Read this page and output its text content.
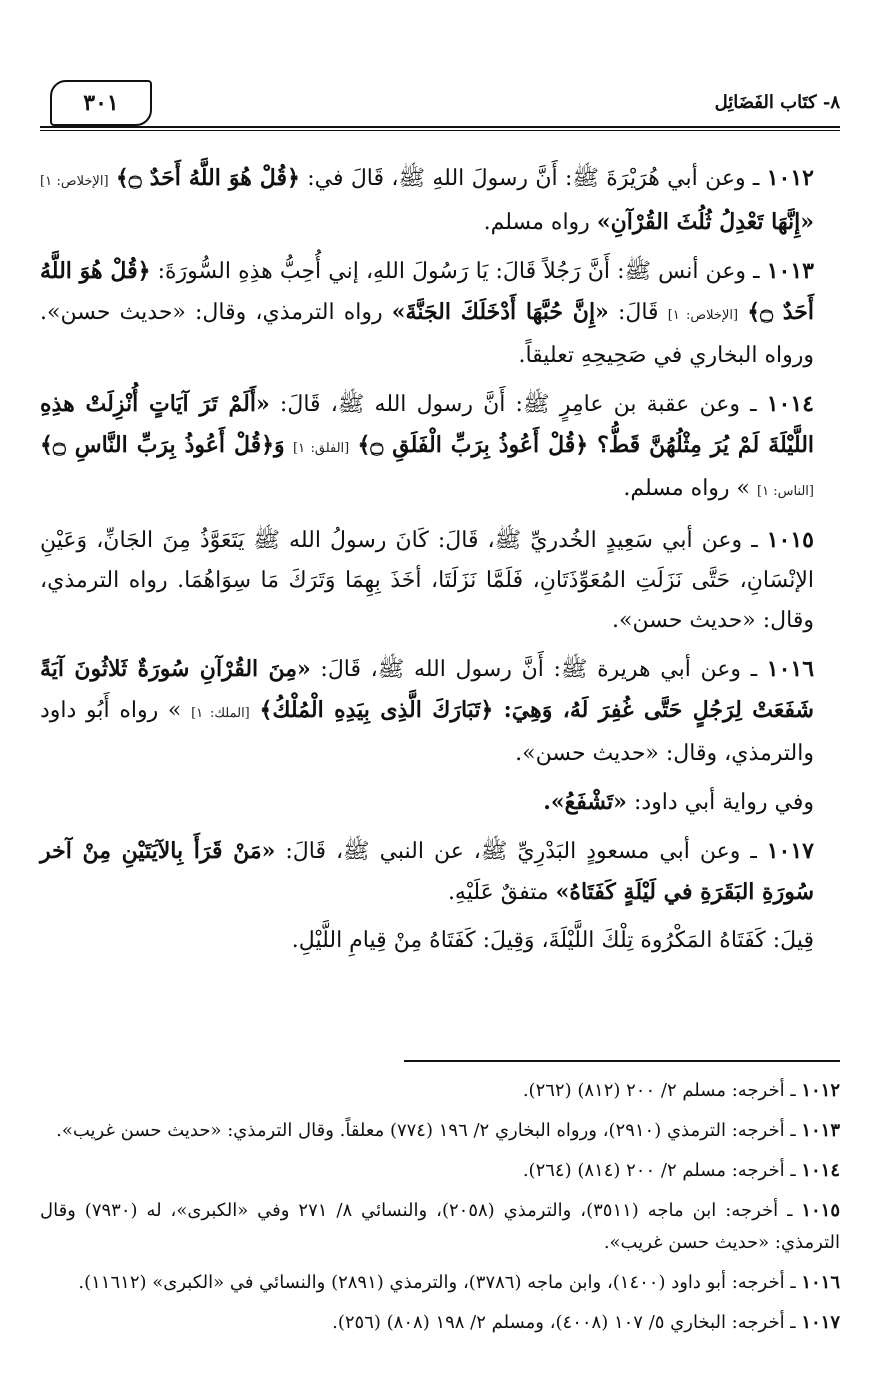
٨- كتَاب الفَضَائِل
٣٠١

١٠١٢ ـ وعن أبي هُرَيْرَةَ ﷺ: أَنَّ رسولَ اللهِ ﷺ، قَالَ في: ﴿قُلْ هُوَ اللَّهُ أَحَدٌ ۝﴾ [الإخلاص: ١] «إِنَّهَا تَعْدِلُ ثُلُثَ القُرْآنِ» رواه مسلم.

١٠١٣ ـ وعن أنس ﷺ: أَنَّ رَجُلاً قَالَ: يَا رَسُولَ اللهِ، إني أُحِبُّ هذِهِ السُّورَةَ: ﴿قُلْ هُوَ اللَّهُ أَحَدٌ ۝﴾ [الإخلاص: ١] قَالَ: «إِنَّ حُبَّهَا أَدْخَلَكَ الجَنَّةَ» رواه الترمذي، وقال: «حديث حسن». ورواه البخاري في صَحِيحِهِ تعليقاً.

١٠١٤ ـ وعن عقبة بن عامِرٍ ﷺ: أَنَّ رسول الله ﷺ، قَالَ: «أَلَمْ تَرَ آيَاتٍ أُنْزِلَتْ هذِهِ اللَّيْلَةَ لَمْ يُرَ مِثْلُهُنَّ قَطُّ؟ ﴿قُلْ أَعُوذُ بِرَبِّ الْفَلَقِ ۝﴾ [الفلق: ١] وَ﴿قُلْ أَعُوذُ بِرَبِّ النَّاسِ ۝﴾ [الناس: ١] » رواه مسلم.

١٠١٥ ـ وعن أبي سَعِيدٍ الخُدريِّ ﷺ، قَالَ: كَانَ رسولُ الله ﷺ يَتَعَوَّذُ مِنَ الجَانِّ، وَعَيْنِ الإنْسَانِ، حَتَّى نَزَلَتِ المُعَوِّذَتَانِ، فَلَمَّا نَزَلَتَا، أخَذَ بِهِمَا وَتَرَكَ مَا سِوَاهُمَا. رواه الترمذي، وقال: «حديث حسن».

١٠١٦ ـ وعن أبي هريرة ﷺ: أَنَّ رسول الله ﷺ، قَالَ: «مِنَ القُرْآنِ سُورَةٌ ثَلاثُونَ آيَةً شَفَعَتْ لِرَجُلٍ حَتَّى غُفِرَ لَهُ، وَهِيَ: ﴿تَبَارَكَ الَّذِى بِيَدِهِ الْمُلْكُ﴾ [الملك: ١] » رواه أَبُو داود والترمذي، وقال: «حديث حسن».

وفي رواية أبي داود: «تَشْفَعُ».

١٠١٧ ـ وعن أبي مسعودٍ البَدْرِيِّ ﷺ، عن النبي ﷺ، قَالَ: «مَنْ قَرَأَ بِالآيَتَيْنِ مِنْ آخر سُورَةِ البَقَرَةِ في لَيْلَةٍ كَفَتَاهُ» متفقٌ عَلَيْهِ.

قِيلَ: كَفَتَاهُ المَكْرُوهَ تِلْكَ اللَّيْلَةَ، وَقِيلَ: كَفَتَاهُ مِنْ قِيامِ اللَّيْلِ.

١٠١٢ ـ أخرجه: مسلم ٢/ ٢٠٠ (٨١٢) (٢٦٢).

١٠١٣ ـ أخرجه: الترمذي (٢٩١٠)، ورواه البخاري ٢/ ١٩٦ (٧٧٤) معلقاً. وقال الترمذي: «حديث حسن غريب».

١٠١٤ ـ أخرجه: مسلم ٢/ ٢٠٠ (٨١٤) (٢٦٤).

١٠١٥ ـ أخرجه: ابن ماجه (٣٥١١)، والترمذي (٢٠٥٨)، والنسائي ٨/ ٢٧١ وفي «الكبرى»، له (٧٩٣٠) وقال الترمذي: «حديث حسن غريب».

١٠١٦ ـ أخرجه: أبو داود (١٤٠٠)، وابن ماجه (٣٧٨٦)، والترمذي (٢٨٩١) والنسائي في «الكبرى» (١١٦١٢).

١٠١٧ ـ أخرجه: البخاري ٥/ ١٠٧ (٤٠٠٨)، ومسلم ٢/ ١٩٨ (٨٠٨) (٢٥٦).
